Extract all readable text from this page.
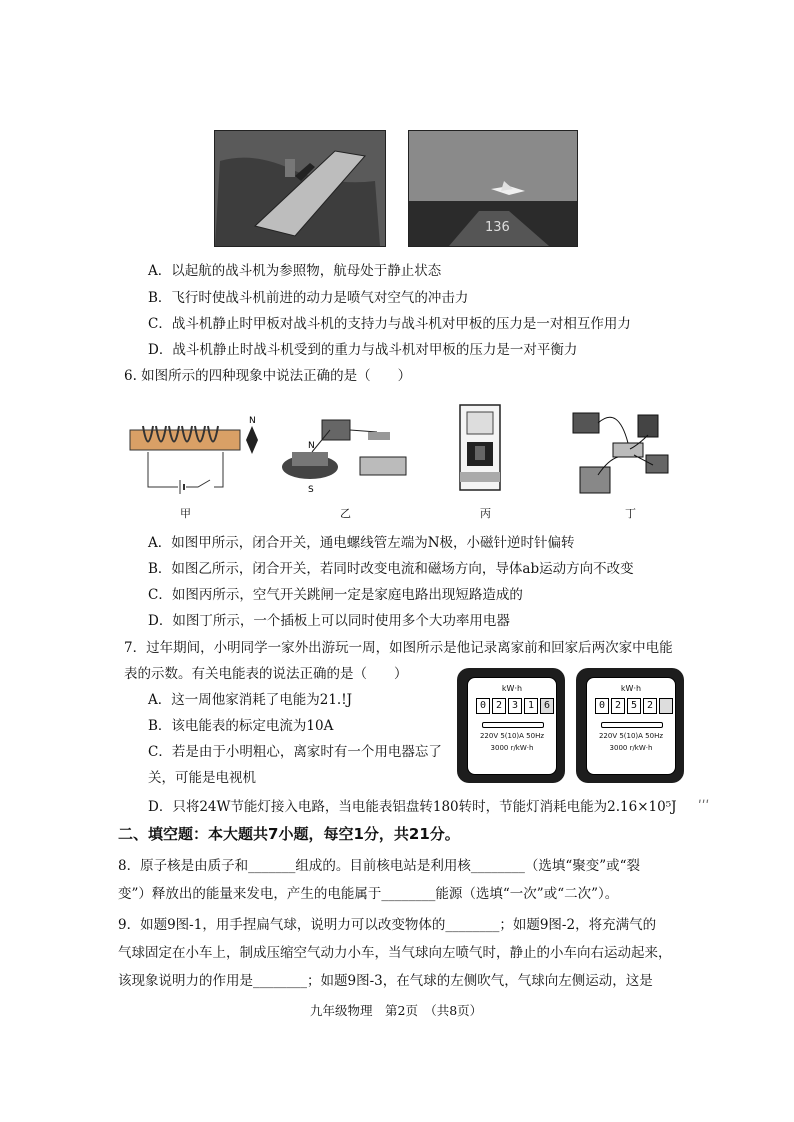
136
A．以起航的战斗机为参照物，航母处于静止状态
B．飞行时使战斗机前进的动力是喷气对空气的冲击力
C．战斗机静止时甲板对战斗机的支持力与战斗机对甲板的压力是一对相互作用力
D．战斗机静止时战斗机受到的重力与战斗机对甲板的压力是一对平衡力
6. 如图所示的四种现象中说法正确的是（　　）
N
甲
N
S
乙	丙	丁
A．如图甲所示，闭合开关，通电螺线管左端为N极，小磁针逆时针偏转
B．如图乙所示，闭合开关，若同时改变电流和磁场方向，导体ab运动方向不改变
C．如图丙所示，空气开关跳闸一定是家庭电路出现短路造成的
D．如图丁所示，一个插板上可以同时使用多个大功率用电器
7．过年期间，小明同学一家外出游玩一周，如图所示是他记录离家前和回家后两次家中电能
表的示数。有关电能表的说法正确的是（　　）
A．这一周他家消耗了电能为21.!J
B．该电能表的标定电流为10A
C．若是由于小明粗心，离家时有一个用电器忘了
关，可能是电视机
D．只将24W节能灯接入电路，当电能表铝盘转180转时，节能灯消耗电能为2.16×10⁵J ʹʹʹ
kW·h
0 2 3 1 6
220V 5(10)A 50Hz
3000 r/kW·h
kW·h
0 2 5 2
220V 5(10)A 50Hz
3000 r/kW·h
二、填空题：本大题共7小题，每空1分，共21分。
8．原子核是由质子和_______组成的。目前核电站是利用核________（选填“聚变”或“裂
变”）释放出的能量来发电，产生的电能属于________能源（选填“一次”或“二次”）。
9．如题9图-1，用手捏扁气球，说明力可以改变物体的________；如题9图-2，将充满气的
气球固定在小车上，制成压缩空气动力小车，当气球向左喷气时，静止的小车向右运动起来，
该现象说明力的作用是________；如题9图-3，在气球的左侧吹气，气球向左侧运动，这是
九年级物理　第2页　（共8页）
